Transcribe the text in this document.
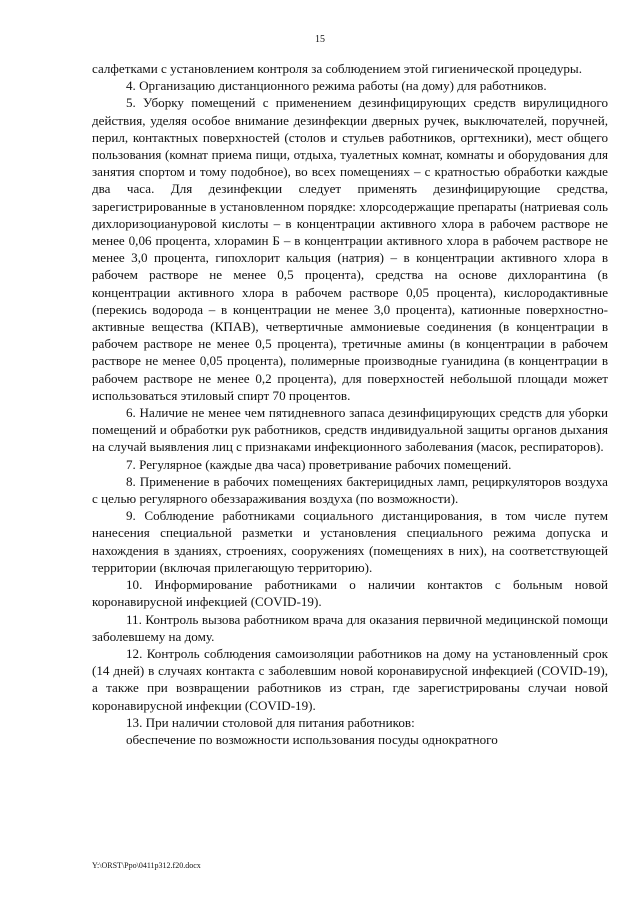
15

салфетками с установлением контроля за соблюдением этой гигиенической процедуры.

4. Организацию дистанционного режима работы (на дому) для работников.

5. Уборку помещений с применением дезинфицирующих средств вирулицидного действия, уделяя особое внимание дезинфекции дверных ручек, выключателей, поручней, перил, контактных поверхностей (столов и стульев работников, оргтехники), мест общего пользования (комнат приема пищи, отдыха, туалетных комнат, комнаты и оборудования для занятия спортом и тому подобное), во всех помещениях – с кратностью обработки каждые два часа. Для дезинфекции следует применять дезинфицирующие средства, зарегистрированные в установленном порядке: хлорсодержащие препараты (натриевая соль дихлоризоциануровой кислоты – в концентрации активного хлора в рабочем растворе не менее 0,06 процента, хлорамин Б – в концентрации активного хлора в рабочем растворе не менее 3,0 процента, гипохлорит кальция (натрия) – в концентрации активного хлора в рабочем растворе не менее 0,5 процента), средства на основе дихлорантина (в концентрации активного хлора в рабочем растворе 0,05 процента), кислородактивные (перекись водорода – в концентрации не менее 3,0 процента), катионные поверхностно-активные вещества (КПАВ), четвертичные аммониевые соединения (в концентрации в рабочем растворе не менее 0,5 процента), третичные амины (в концентрации в рабочем растворе не менее 0,05 процента), полимерные производные гуанидина (в концентрации в рабочем растворе не менее 0,2 процента), для поверхностей небольшой площади может использоваться этиловый спирт 70 процентов.

6. Наличие не менее чем пятидневного запаса дезинфицирующих средств для уборки помещений и обработки рук работников, средств индивидуальной защиты органов дыхания на случай выявления лиц с признаками инфекционного заболевания (масок, респираторов).

7. Регулярное (каждые два часа) проветривание рабочих помещений.

8. Применение в рабочих помещениях бактерицидных ламп, рециркуляторов воздуха с целью регулярного обеззараживания воздуха (по возможности).

9. Соблюдение работниками социального дистанцирования, в том числе путем нанесения специальной разметки и установления специального режима допуска и нахождения в зданиях, строениях, сооружениях (помещениях в них), на соответствующей территории (включая прилегающую территорию).

10. Информирование работниками о наличии контактов с больным новой коронавирусной инфекцией (COVID-19).

11. Контроль вызова работником врача для оказания первичной медицинской помощи заболевшему на дому.

12. Контроль соблюдения самоизоляции работников на дому на установленный срок (14 дней) в случаях контакта с заболевшим новой коронавирусной инфекцией (COVID-19), а также при возвращении работников из стран, где зарегистрированы случаи новой коронавирусной инфекции (COVID-19).

13. При наличии столовой для питания работников:

обеспечение по возможности использования посуды однократного

Y:\ORST\Ppo\0411p312.f20.docx
